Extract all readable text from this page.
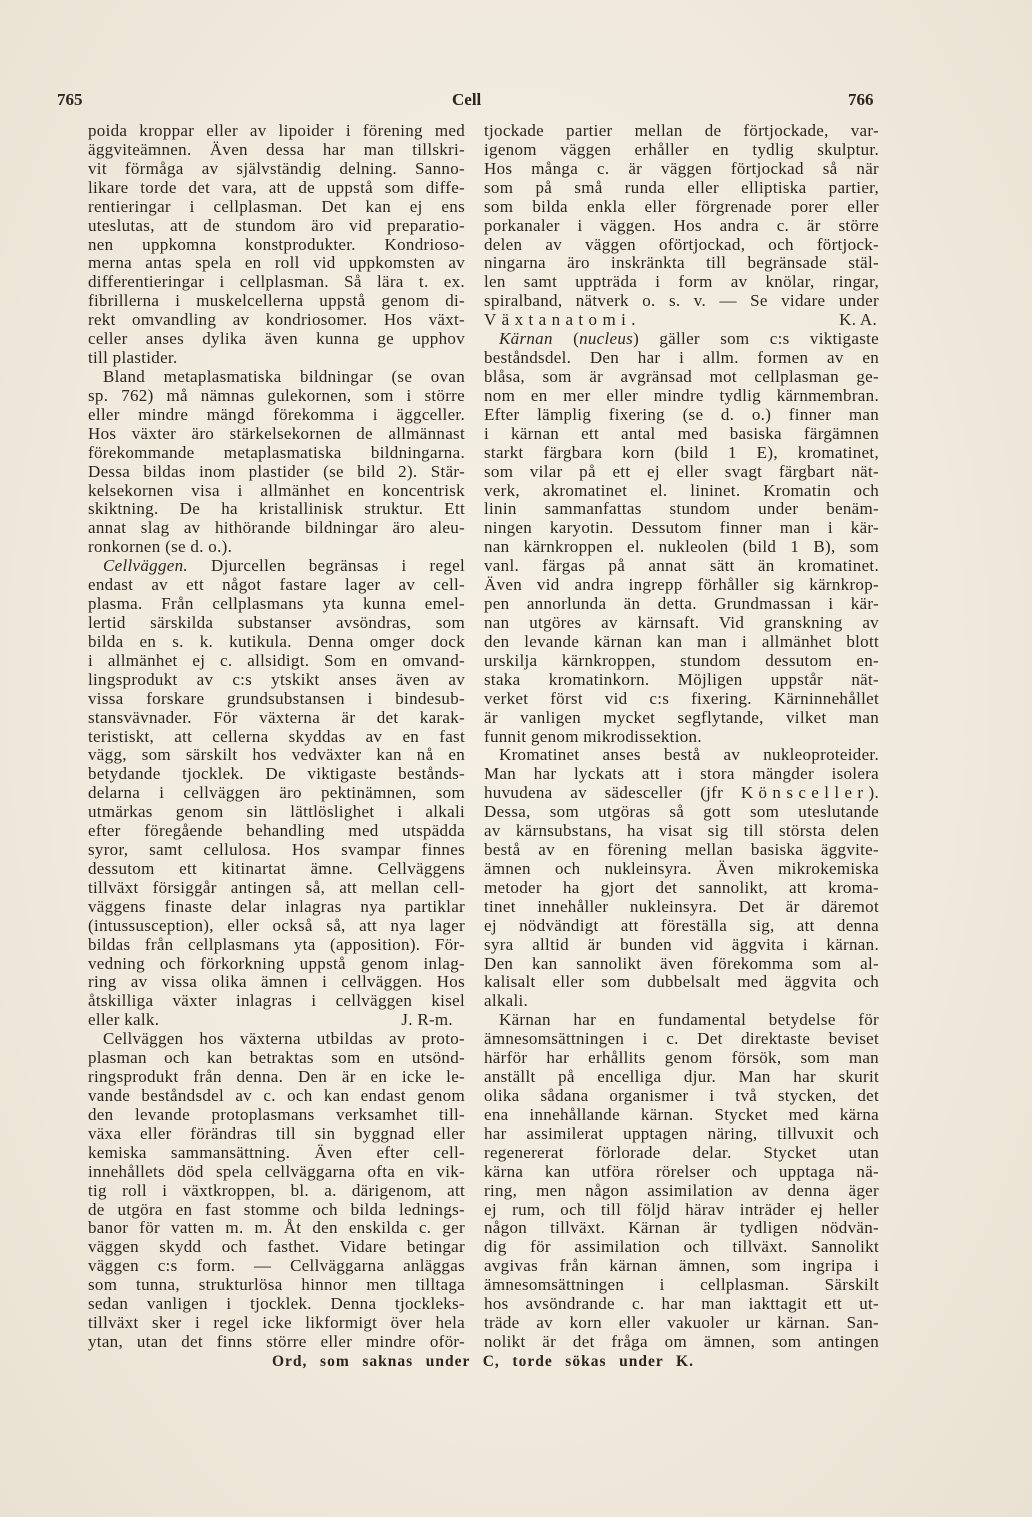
765	Cell	766
poida kroppar eller av lipoider i förening med
äggviteämnen. Även dessa har man tillskri-
vit förmåga av självständig delning. Sanno-
likare torde det vara, att de uppstå som diffe-
rentieringar i cellplasman. Det kan ej ens
uteslutas, att de stundom äro vid preparatio-
nen uppkomna konstprodukter. Kondrioso-
merna antas spela en roll vid uppkomsten av
differentieringar i cellplasman. Så lära t. ex.
fibrillerna i muskelcellerna uppstå genom di-
rekt omvandling av kondriosomer. Hos växt-
celler anses dylika även kunna ge upphov
till plastider.
Bland metaplasmatiska bildningar (se ovan
sp. 762) må nämnas gulekornen, som i större
eller mindre mängd förekomma i äggceller.
Hos växter äro stärkelsekornen de allmännast
förekommande metaplasmatiska bildningarna.
Dessa bildas inom plastider (se bild 2). Stär-
kelsekornen visa i allmänhet en koncentrisk
skiktning. De ha kristallinisk struktur. Ett
annat slag av hithörande bildningar äro aleu-
ronkornen (se d. o.).
Cellväggen. Djurcellen begränsas i regel
endast av ett något fastare lager av cell-
plasma. Från cellplasmans yta kunna emel-
lertid särskilda substanser avsöndras, som
bilda en s. k. kutikula. Denna omger dock
i allmänhet ej c. allsidigt. Som en omvand-
lingsprodukt av c:s ytskikt anses även av
vissa forskare grundsubstansen i bindesub-
stansvävnader. För växterna är det karak-
teristiskt, att cellerna skyddas av en fast
vägg, som särskilt hos vedväxter kan nå en
betydande tjocklek. De viktigaste bestånds-
delarna i cellväggen äro pektinämnen, som
utmärkas genom sin lättlöslighet i alkali
efter föregående behandling med utspädda
syror, samt cellulosa. Hos svampar finnes
dessutom ett kitinartat ämne. Cellväggens
tillväxt försiggår antingen så, att mellan cell-
väggens finaste delar inlagras nya partiklar
(intussusception), eller också så, att nya lager
bildas från cellplasmans yta (apposition). För-
vedning och förkorkning uppstå genom inlag-
ring av vissa olika ämnen i cellväggen. Hos
åtskilliga växter inlagras i cellväggen kisel
eller kalk.	J. R-m.
Cellväggen hos växterna utbildas av proto-
plasman och kan betraktas som en utsönd-
ringsprodukt från denna. Den är en icke le-
vande beståndsdel av c. och kan endast genom
den levande protoplasmans verksamhet till-
växa eller förändras till sin byggnad eller
kemiska sammansättning. Även efter cell-
innehållets död spela cellväggarna ofta en vik-
tig roll i växtkroppen, bl. a. därigenom, att
de utgöra en fast stomme och bilda lednings-
banor för vatten m. m. Åt den enskilda c. ger
väggen skydd och fasthet. Vidare betingar
väggen c:s form. — Cellväggarna anläggas
som tunna, strukturlösa hinnor men tilltaga
sedan vanligen i tjocklek. Denna tjockleks-
tillväxt sker i regel icke likformigt över hela
ytan, utan det finns större eller mindre oför-
tjockade partier mellan de förtjockade, var-
igenom väggen erhåller en tydlig skulptur.
Hos många c. är väggen förtjockad så när
som på små runda eller elliptiska partier,
som bilda enkla eller förgrenade porer eller
porkanaler i väggen. Hos andra c. är större
delen av väggen oförtjockad, och förtjock-
ningarna äro inskränkta till begränsade stäl-
len samt uppträda i form av knölar, ringar,
spiralband, nätverk o. s. v. — Se vidare under
Växtanatomi.	K. A.
Kärnan (nucleus) gäller som c:s viktigaste
beståndsdel. Den har i allm. formen av en
blåsa, som är avgränsad mot cellplasman ge-
nom en mer eller mindre tydlig kärnmembran.
Efter lämplig fixering (se d. o.) finner man
i kärnan ett antal med basiska färgämnen
starkt färgbara korn (bild 1 E), kromatinet,
som vilar på ett ej eller svagt färgbart nät-
verk, akromatinet el. lininet. Kromatin och
linin sammanfattas stundom under benäm-
ningen karyotin. Dessutom finner man i kär-
nan kärnkroppen el. nukleolen (bild 1 B), som
vanl. färgas på annat sätt än kromatinet.
Även vid andra ingrepp förhåller sig kärnkrop-
pen annorlunda än detta. Grundmassan i kär-
nan utgöres av kärnsaft. Vid granskning av
den levande kärnan kan man i allmänhet blott
urskilja kärnkroppen, stundom dessutom en-
staka kromatinkorn. Möjligen uppstår nät-
verket först vid c:s fixering. Kärninnehållet
är vanligen mycket segflytande, vilket man
funnit genom mikrodissektion.
Kromatinet anses bestå av nukleoproteider.
Man har lyckats att i stora mängder isolera
huvudena av sädesceller (jfr Könsceller).
Dessa, som utgöras så gott som uteslutande
av kärnsubstans, ha visat sig till största delen
bestå av en förening mellan basiska äggvite-
ämnen och nukleinsyra. Även mikrokemiska
metoder ha gjort det sannolikt, att kroma-
tinet innehåller nukleinsyra. Det är däremot
ej nödvändigt att föreställa sig, att denna
syra alltid är bunden vid äggvita i kärnan.
Den kan sannolikt även förekomma som al-
kalisalt eller som dubbelsalt med äggvita och
alkali.
Kärnan har en fundamental betydelse för
ämnesomsättningen i c. Det direktaste beviset
härför har erhållits genom försök, som man
anställt på encelliga djur. Man har skurit
olika sådana organismer i två stycken, det
ena innehållande kärnan. Stycket med kärna
har assimilerat upptagen näring, tillvuxit och
regenererat förlorade delar. Stycket utan
kärna kan utföra rörelser och upptaga nä-
ring, men någon assimilation av denna äger
ej rum, och till följd härav inträder ej heller
någon tillväxt. Kärnan är tydligen nödvän-
dig för assimilation och tillväxt. Sannolikt
avgivas från kärnan ämnen, som ingripa i
ämnesomsättningen i cellplasman. Särskilt
hos avsöndrande c. har man iakttagit ett ut-
träde av korn eller vakuoler ur kärnan. San-
nolikt är det fråga om ämnen, som antingen
Ord, som saknas under C, torde sökas under K.
